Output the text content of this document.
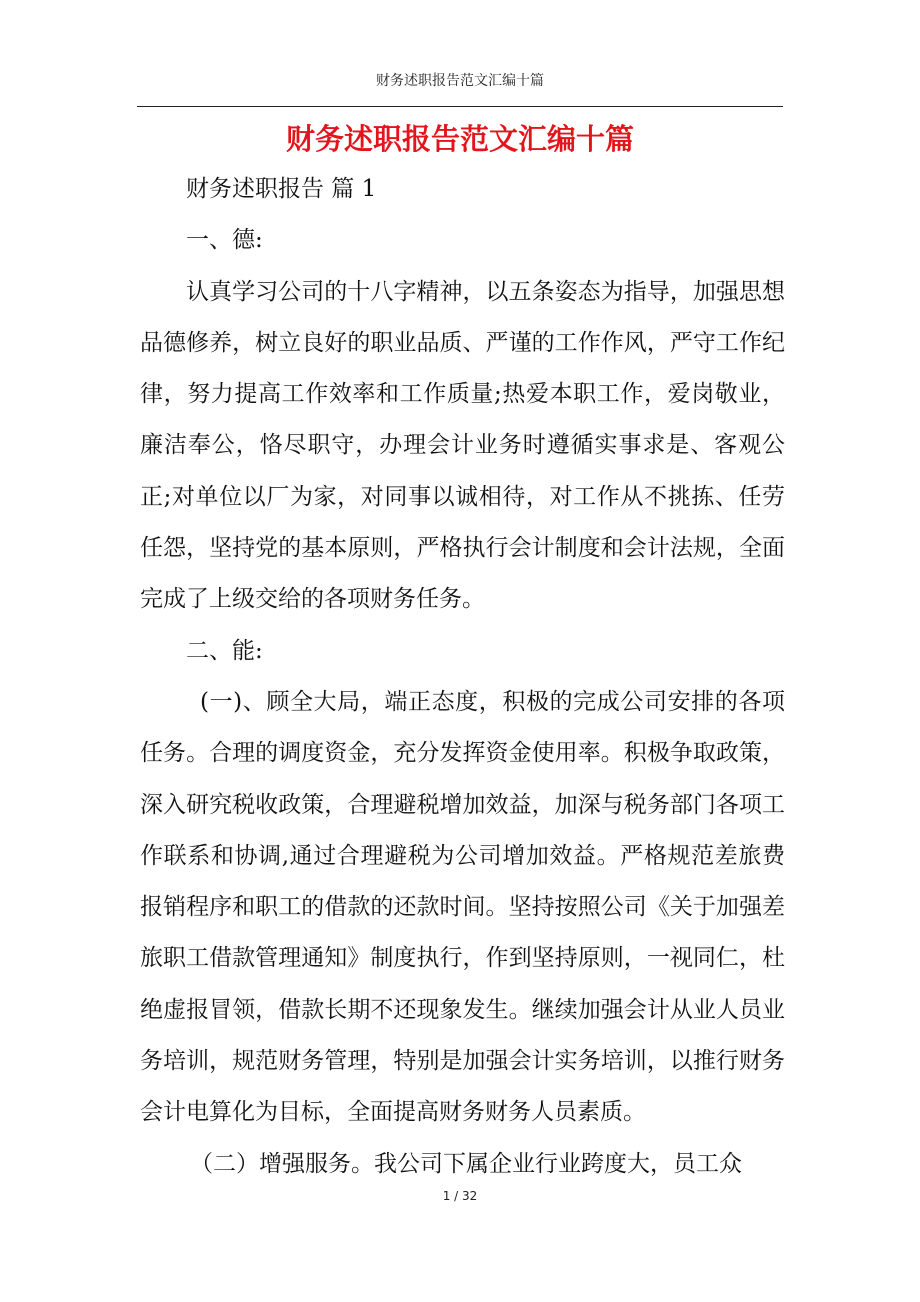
财务述职报告范文汇编十篇
财务述职报告范文汇编十篇

财务述职报告 篇 1

一、德:

认真学习公司的十八字精神，以五条姿态为指导，加强思想品德修养，树立良好的职业品质、严谨的工作作风，严守工作纪律，努力提高工作效率和工作质量;热爱本职工作，爱岗敬业，廉洁奉公，恪尽职守，办理会计业务时遵循实事求是、客观公正;对单位以厂为家，对同事以诚相待，对工作从不挑拣、任劳任怨，坚持党的基本原则，严格执行会计制度和会计法规，全面完成了上级交给的各项财务任务。

二、能:

(一)、顾全大局，端正态度，积极的完成公司安排的各项任务。合理的调度资金，充分发挥资金使用率。积极争取政策，深入研究税收政策，合理避税增加效益，加深与税务部门各项工作联系和协调,通过合理避税为公司增加效益。严格规范差旅费报销程序和职工的借款的还款时间。坚持按照公司《关于加强差旅职工借款管理通知》制度执行，作到坚持原则，一视同仁，杜绝虚报冒领，借款长期不还现象发生。继续加强会计从业人员业务培训，规范财务管理，特别是加强会计实务培训，以推行财务会计电算化为目标，全面提高财务财务人员素质。

（二）增强服务。我公司下属企业行业跨度大，员工众

1 / 32
